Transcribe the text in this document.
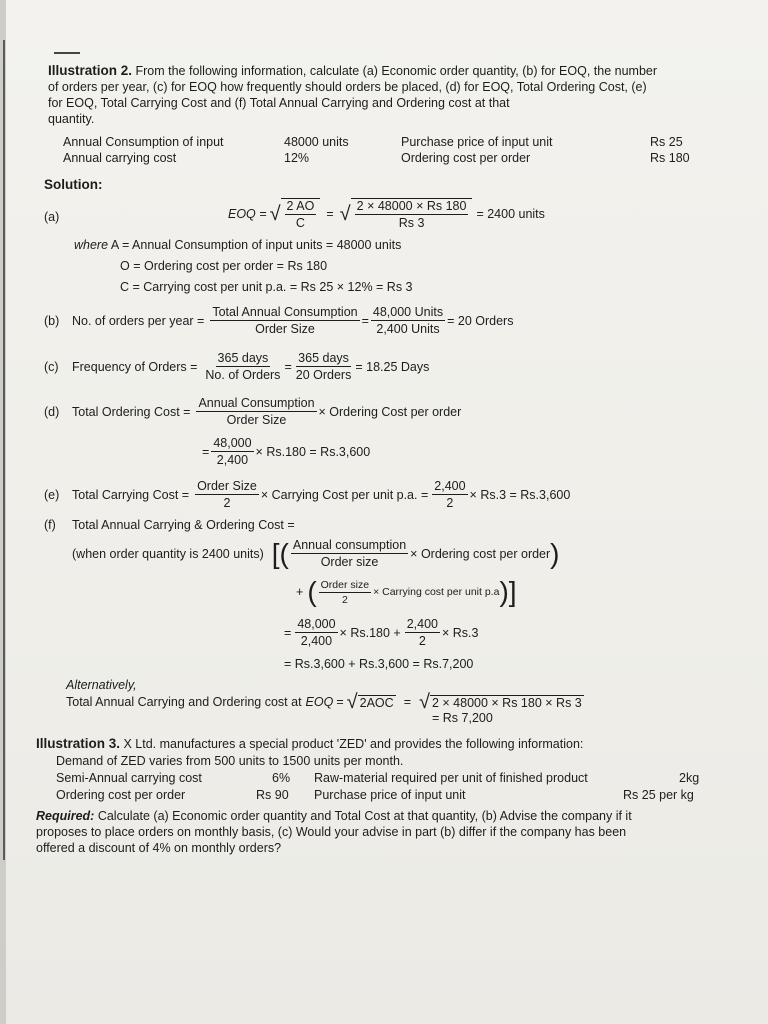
Illustration 2. From the following information, calculate (a) Economic order quantity, (b) for EOQ, the number
of orders per year, (c) for EOQ how frequently should orders be placed, (d) for EOQ, Total Ordering Cost, (e)
for EOQ, Total Carrying Cost and (f) Total Annual Carrying and Ordering cost at that
quantity.
Annual Consumption of input	48000 units	Purchase price of input unit	Rs 25
Annual carrying cost	12%	Ordering cost per order	Rs 180
Solution:
(a)	EOQ = √ $\frac{2 AO}{C}$ = √ $\frac{2 \times 48000 \times Rs 180}{Rs 3} = 2400$ units
where A = Annual Consumption of input units = 48000 units
O = Ordering cost per order = Rs 180
C = Carrying cost per unit p.a. = Rs 25 × 12% = Rs 3
(b)	No. of orders per year = $\frac{\text{Total Annual Consumption}}{\text{Order Size}} = \frac{\text{48,000 Units}}{\text{2,400 Units}} = 20$ Orders
(c)	Frequency of Orders = $\frac{\text{365 days}}{\text{No. of Orders}} = \frac{\text{365 days}}{\text{20 Orders}} = 18.25$ Days
(d)	Total Ordering Cost = $\frac{\text{Annual Consumption}}{\text{Order Size}}$ × Ordering Cost per order
= $\frac{48,000}{2,400} \times Rs.180 = Rs.3,600$
(e)	Total Carrying Cost = $\frac{\text{Order Size}}{2}$ × Carrying Cost per unit p.a. = $\frac{2,400}{2} \times Rs.3 = Rs.3,600$
(f)	Total Annual Carrying & Ordering Cost =
(when order quantity is 2400 units) [( $\frac{\text{Annual consumption}}{\text{Order size}}$ × Ordering cost per order )
+ ( $\frac{\text{Order size}}{2}$ × Carrying cost per unit p.a )]
= $\frac{48,000}{2,400} \times Rs.180 + \frac{2,400}{2} \times Rs.3$
= Rs.3,600 + Rs.3,600 = Rs.7,200
Alternatively,
Total Annual Carrying and Ordering cost at EOQ = √ 2AOC = √ 2 × 48000 × Rs 180 × Rs 3
= Rs 7,200
Illustration 3. X Ltd. manufactures a special product 'ZED' and provides the following information:
Demand of ZED varies from 500 units to 1500 units per month.
Semi-Annual carrying cost	6% Raw-material required per unit of finished product	2kg
Ordering cost per order	Rs 90 Purchase price of input unit	Rs 25 per kg
Required: Calculate (a) Economic order quantity and Total Cost at that quantity, (b) Advise the company if it
proposes to place orders on monthly basis, (c) Would your advise in part (b) differ if the company has been
offered a discount of 4% on monthly orders?
